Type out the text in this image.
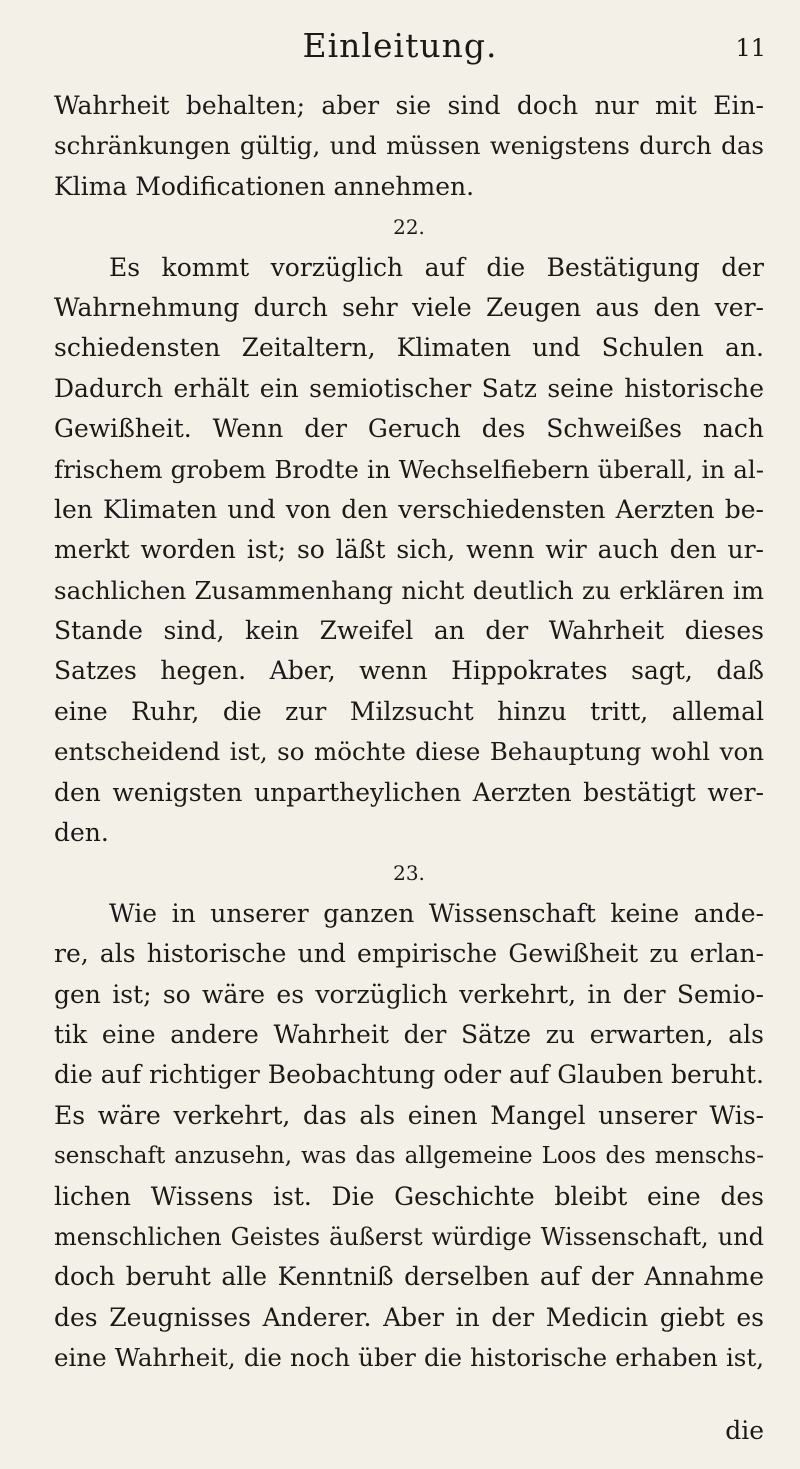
Einleitung.	11
Wahrheit behalten; aber sie sind doch nur mit Ein-
schränkungen gültig, und müssen wenigstens durch das
Klima Modificationen annehmen.
22.
Es kommt vorzüglich auf die Bestätigung der
Wahrnehmung durch sehr viele Zeugen aus den ver-
schiedensten Zeitaltern, Klimaten und Schulen an.
Dadurch erhält ein semiotischer Satz seine historische
Gewißheit. Wenn der Geruch des Schweißes nach
frischem grobem Brodte in Wechselfiebern überall, in al-
len Klimaten und von den verschiedensten Aerzten be-
merkt worden ist; so läßt sich, wenn wir auch den ur-
sachlichen Zusammenhang nicht deutlich zu erklären im
Stande sind, kein Zweifel an der Wahrheit dieses
Satzes hegen. Aber, wenn Hippokrates sagt, daß
eine Ruhr, die zur Milzsucht hinzu tritt, allemal
entscheidend ist, so möchte diese Behauptung wohl von
den wenigsten unpartheylichen Aerzten bestätigt wer-
den.
23.
Wie in unserer ganzen Wissenschaft keine ande-
re, als historische und empirische Gewißheit zu erlan-
gen ist; so wäre es vorzüglich verkehrt, in der Semio-
tik eine andere Wahrheit der Sätze zu erwarten, als
die auf richtiger Beobachtung oder auf Glauben beruht.
Es wäre verkehrt, das als einen Mangel unserer Wis-
senschaft anzusehn, was das allgemeine Loos des menschs-
lichen Wissens ist. Die Geschichte bleibt eine des
menschlichen Geistes äußerst würdige Wissenschaft, und
doch beruht alle Kenntniß derselben auf der Annahme
des Zeugnisses Anderer. Aber in der Medicin giebt es
eine Wahrheit, die noch über die historische erhaben ist,
die
